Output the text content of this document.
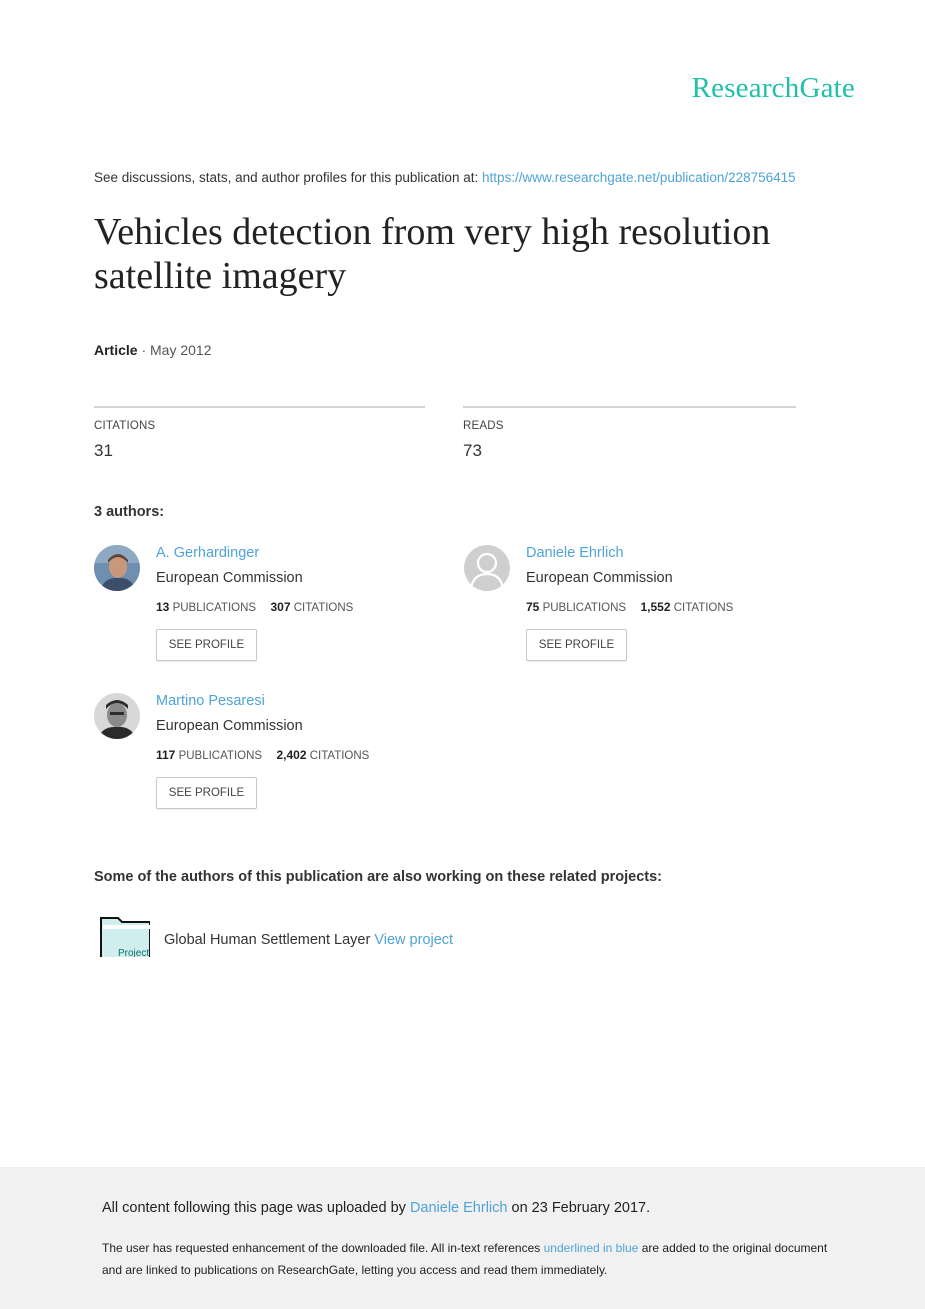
ResearchGate
See discussions, stats, and author profiles for this publication at: https://www.researchgate.net/publication/228756415
Vehicles detection from very high resolution satellite imagery
Article · May 2012
CITATIONS
31
READS
73
3 authors:
A. Gerhardinger
European Commission
13 PUBLICATIONS 307 CITATIONS
SEE PROFILE
Daniele Ehrlich
European Commission
75 PUBLICATIONS 1,552 CITATIONS
SEE PROFILE
Martino Pesaresi
European Commission
117 PUBLICATIONS 2,402 CITATIONS
SEE PROFILE
Some of the authors of this publication are also working on these related projects:
Project
Global Human Settlement Layer View project
All content following this page was uploaded by Daniele Ehrlich on 23 February 2017.
The user has requested enhancement of the downloaded file. All in-text references underlined in blue are added to the original document and are linked to publications on ResearchGate, letting you access and read them immediately.
